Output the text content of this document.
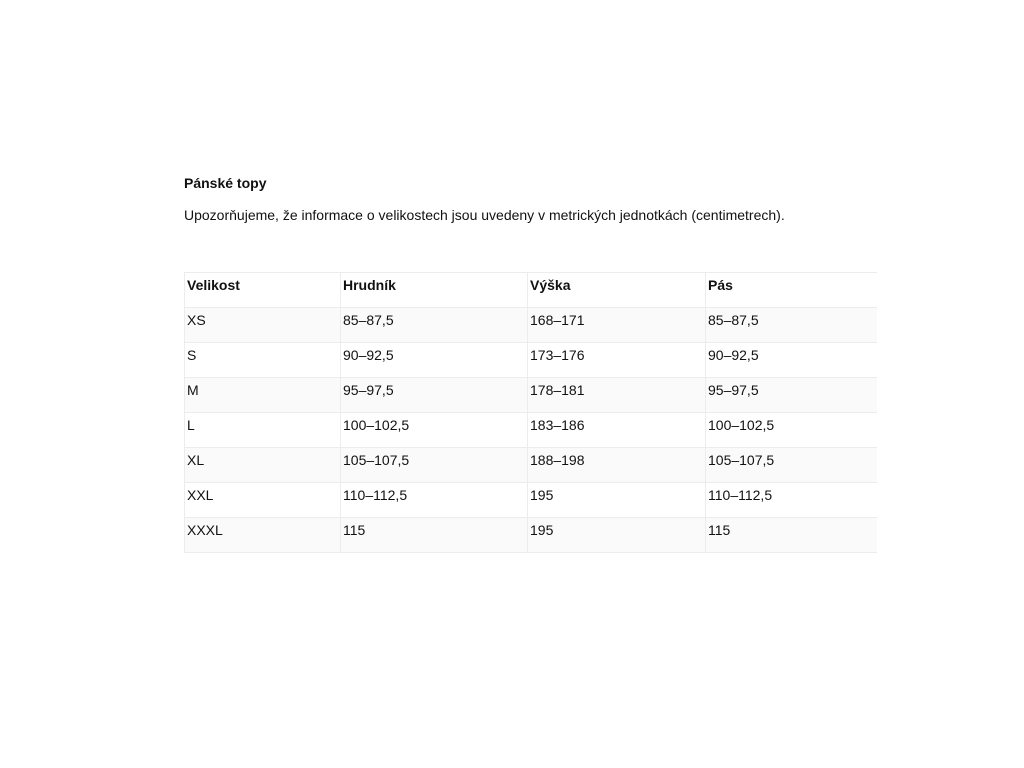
Pánské topy
Upozorňujeme, že informace o velikostech jsou uvedeny v metrických jednotkách (centimetrech).
Velikost	Hrudník	Výška	Pás
XS	85–87,5	168–171	85–87,5
S	90–92,5	173–176	90–92,5
M	95–97,5	178–181	95–97,5
L	100–102,5	183–186	100–102,5
XL	105–107,5	188–198	105–107,5
XXL	110–112,5	195	110–112,5
XXXL	115	195	115
